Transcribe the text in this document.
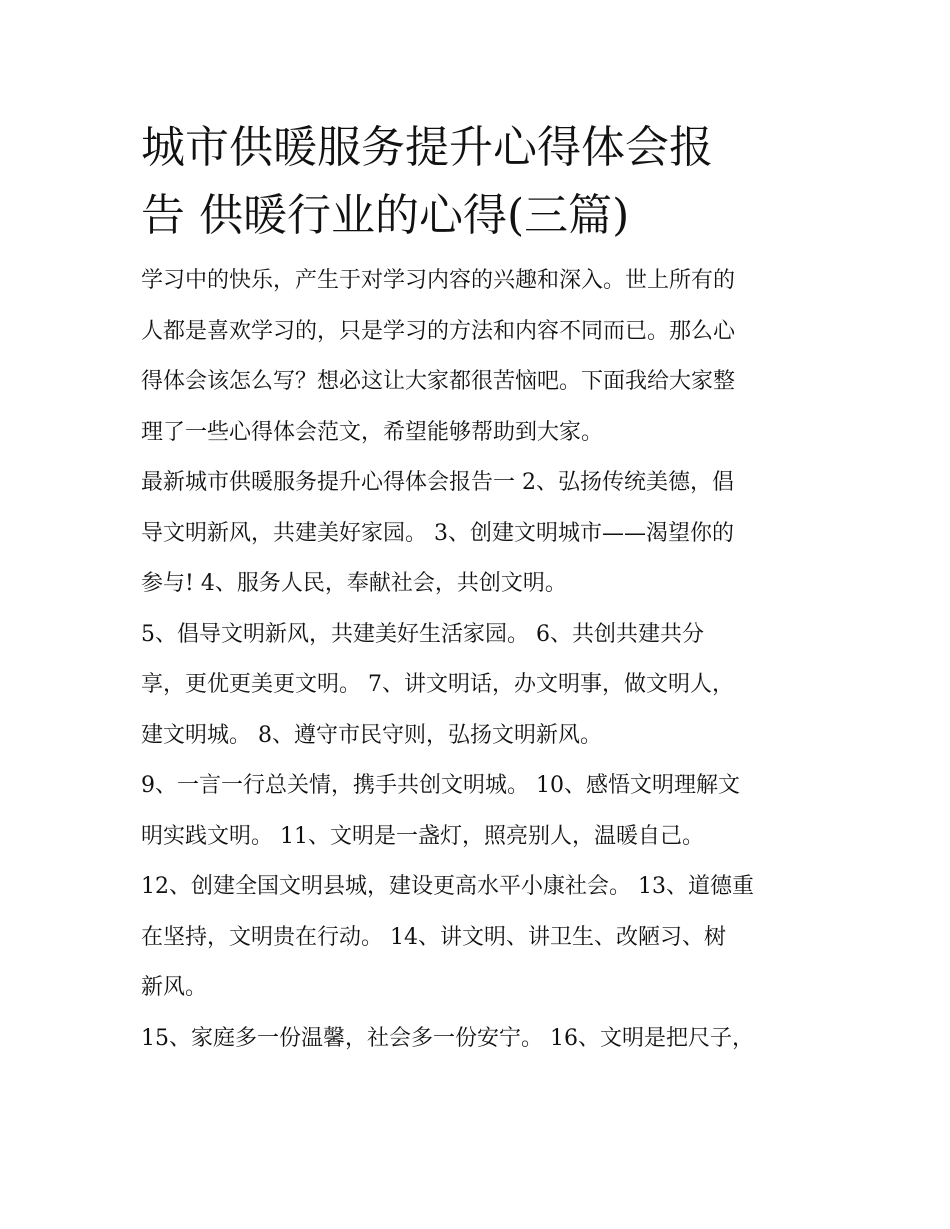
城市供暖服务提升心得体会报
告 供暖行业的心得(三篇)
学习中的快乐，产生于对学习内容的兴趣和深入。世上所有的
人都是喜欢学习的，只是学习的方法和内容不同而已。那么心
得体会该怎么写？想必这让大家都很苦恼吧。下面我给大家整
理了一些心得体会范文，希望能够帮助到大家。
最新城市供暖服务提升心得体会报告一 2、弘扬传统美德，倡
导文明新风，共建美好家园。 3、创建文明城市——渴望你的
参与! 4、服务人民，奉献社会，共创文明。
5、倡导文明新风，共建美好生活家园。 6、共创共建共分
享，更优更美更文明。 7、讲文明话，办文明事，做文明人，
建文明城。 8、遵守市民守则，弘扬文明新风。
9、一言一行总关情，携手共创文明城。 10、感悟文明理解文
明实践文明。 11、文明是一盏灯，照亮别人，温暖自己。
12、创建全国文明县城，建设更高水平小康社会。 13、道德重
在坚持，文明贵在行动。 14、讲文明、讲卫生、改陋习、树
新风。
15、家庭多一份温馨，社会多一份安宁。 16、文明是把尺子，
